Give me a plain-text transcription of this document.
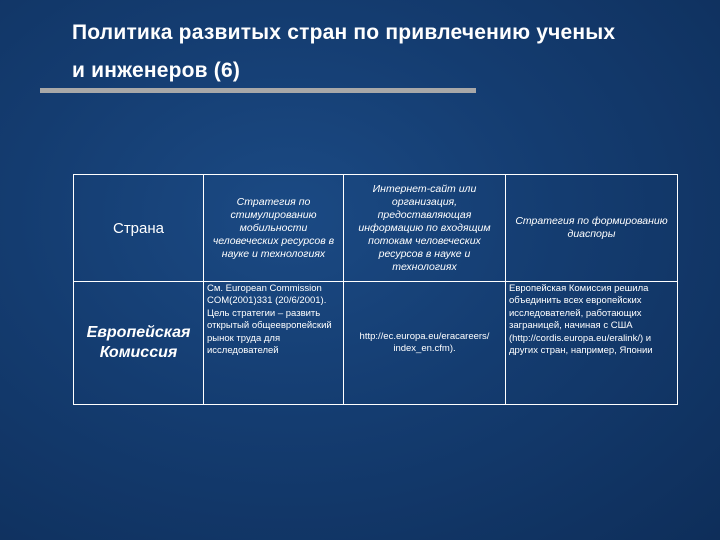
Политика развитых стран по привлечению ученых
и инженеров (6)
Страна	Стратегия по стимулированию мобильности человеческих ресурсов в науке и технологиях	Интернет-сайт или организация, предоставляющая информацию по входящим потокам человеческих ресурсов в науке и технологиях	Стратегия по формированию диаспоры
Европейская Комиссия	См. European Commission COM(2001)331 (20/6/2001). Цель стратегии – развить открытый общеевропейский рынок труда для исследователей	http://ec.europa.eu/eracareers/ index_en.cfm).	Европейская Комиссия решила объединить всех европейских исследователей, работающих заграницей, начиная с США (http://cordis.europa.eu/eralink/) и других стран, например, Японии
